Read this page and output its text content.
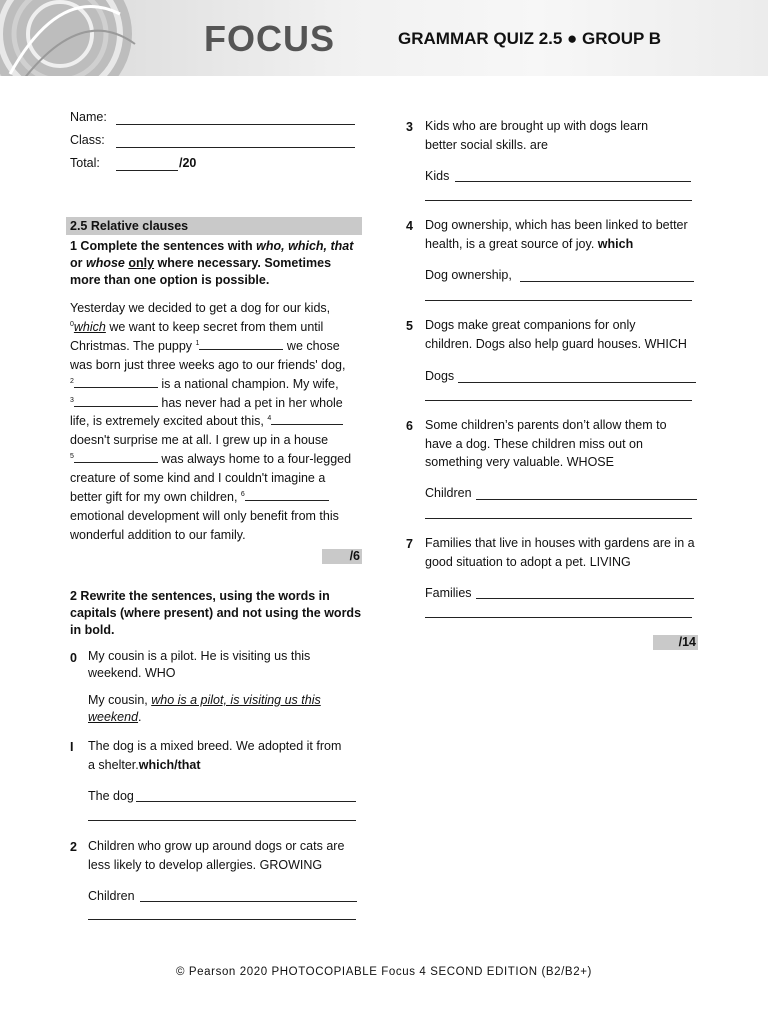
FOCUS	GRAMMAR QUIZ 2.5 ● GROUP B
Name:
Class:
Total:	/20
2.5 Relative clauses
1 Complete the sentences with who, which, that or whose only where necessary. Sometimes
more than one option is possible.
Yesterday we decided to get a dog for our kids,
$^0$which we want to keep secret from them until
Christmas. The puppy $^1$	we chose
was born just three weeks ago to our friends' dog,
$^2$	is a national champion. My wife,
$^3$	has never had a pet in her whole
life, is extremely excited about this, $^4$
doesn't surprise me at all. I grew up in a house
$^5$	was always home to a four-legged
creature of some kind and I couldn't imagine a
better gift for my own children, $^6$
emotional development will only benefit from this
wonderful addition to our family.
/6
2 Rewrite the sentences, using the words in
capitals (where present) and not using the words
in bold.
0 My cousin is a pilot. He is visiting us this
weekend. WHO
My cousin, who is a pilot, is visiting us this
weekend.
I The dog is a mixed breed. We adopted it from
a shelter.which/that
The dog
2 Children who grow up around dogs or cats are
less likely to develop allergies. GROWING
Children
3 Kids who are brought up with dogs learn
better social skills. are
Kids
4 Dog ownership, which has been linked to better
health, is a great source of joy. which
Dog ownership,
5 Dogs make great companions for only
children. Dogs also help guard houses. WHICH
Dogs
6 Some children’s parents don’t allow them to
have a dog. These children miss out on
something very valuable. WHOSE
Children
7 Families that live in houses with gardens are in a
good situation to adopt a pet. LIVING
Families
/14
© Pearson 2020 PHOTOCOPIABLE Focus 4 SECOND EDITION (B2/B2+)
